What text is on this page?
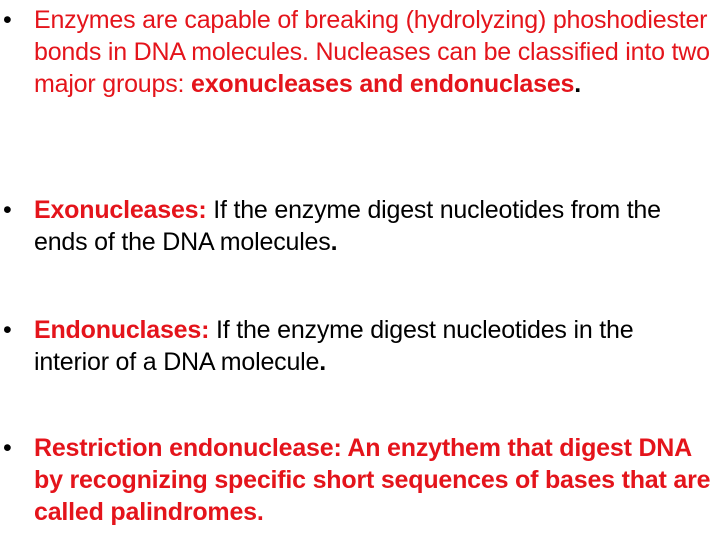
• Enzymes are capable of breaking (hydrolyzing) phoshodiester bonds in DNA molecules. Nucleases can be classified into two major groups: exonucleases and endonuclases.
• Exonucleases: If the enzyme digest nucleotides from the ends of the DNA molecules.
• Endonuclases: If the enzyme digest nucleotides in the interior of a DNA molecule.
• Restriction endonuclease: An enzythem that digest DNA by recognizing specific short sequences of bases that are called palindromes.
